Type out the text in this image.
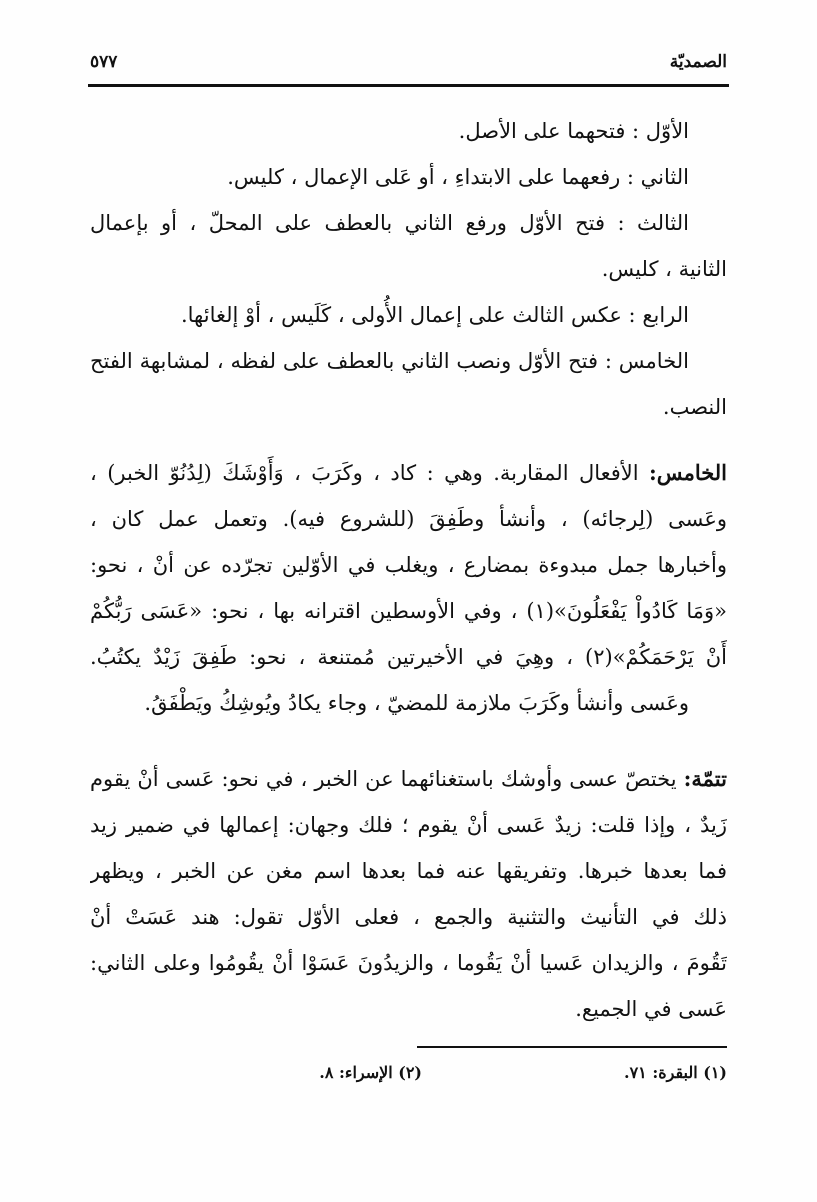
الصمديّة
٥٧٧
الأوّل : فتحهما على الأصل.
الثاني : رفعهما على الابتداءِ ، أو عَلى الإعمال ، كليس.
الثالث : فتح الأوّل ورفع الثاني بالعطف على المحلّ ، أو بإعمال
الثانية ، كليس.
الرابع : عكس الثالث على إعمال الأُولى ، كَلَيس ، أوْ إلغائها.
الخامس : فتح الأوّل ونصب الثاني بالعطف على لفظه ، لمشابهة الفتح
النصب.
الخامس: الأفعال المقاربة. وهي : كاد ، وكَرَبَ ، وَأَوْشَكَ (لِدُنُوّ الخبر) ،
وعَسى (لِرجائه) ، وأنشأ وطَفِقَ (للشروع فيه). وتعمل عمل كان ،
وأخبارها جمل مبدوءة بمضارع ، ويغلب في الأوّلين تجرّده عن أنْ ، نحو:
«وَمَا كَادُواْ يَفْعَلُونَ»(١) ، وفي الأوسطين اقترانه بها ، نحو: «عَسَى رَبُّكُمْ
أَنْ يَرْحَمَكُمْ»(٢) ، وهِيَ في الأخيرتين مُمتنعة ، نحو: طَفِقَ زَيْدٌ يكتُبُ.
وعَسى وأنشأ وكَرَبَ ملازمة للمضيّ ، وجاء يكادُ ويُوشِكُ ويَطْفَقُ.
تتمّة: يختصّ عسى وأوشك باستغنائهما عن الخبر ، في نحو: عَسى أنْ يقوم
زَيدٌ ، وإذا قلت: زيدٌ عَسى أنْ يقوم ؛ فلك وجهان: إعمالها في ضمير زيد
فما بعدها خبرها. وتفريقها عنه فما بعدها اسم مغن عن الخبر ، ويظهر
ذلك في التأنيث والتثنية والجمع ، فعلى الأوّل تقول: هند عَسَتْ أنْ
تَقُومَ ، والزيدان عَسيا أنْ يَقُوما ، والزيدُونَ عَسَوْا أنْ يقُومُوا وعلى الثاني:
عَسى في الجميع.
(١) البقرة: ٧١.
(٢) الإسراء: ٨.
